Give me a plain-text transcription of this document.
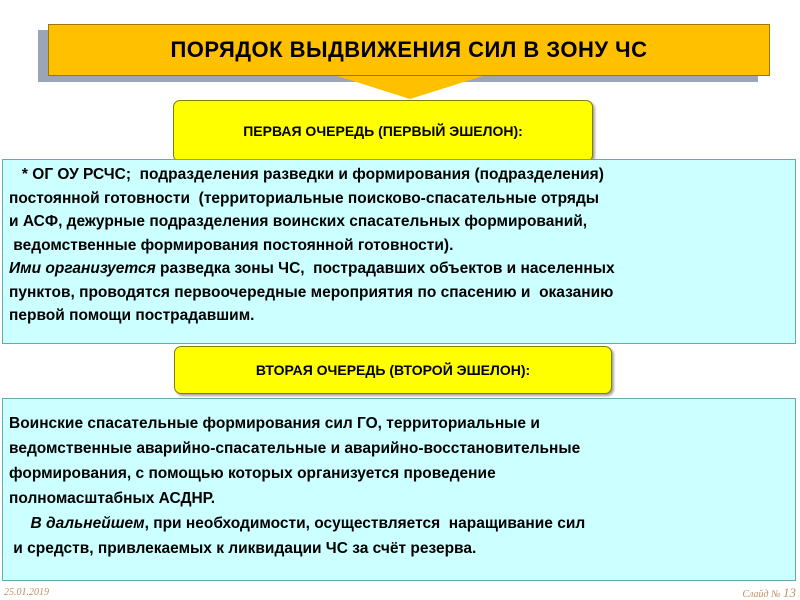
ПОРЯДОК ВЫДВИЖЕНИЯ СИЛ В ЗОНУ ЧС
ПЕРВАЯ ОЧЕРЕДЬ (ПЕРВЫЙ ЭШЕЛОН):
* ОГ ОУ РСЧС;  подразделения разведки и формирования (подразделения)
постоянной готовности  (территориальные поисково-спасательные отряды
и АСФ, дежурные подразделения воинских спасательных формирований,
ведомственные формирования постоянной готовности).
Ими организуется разведка зоны ЧС,  пострадавших объектов и населенных
пунктов, проводятся первоочередные мероприятия по спасению и  оказанию
первой помощи пострадавшим.
ВТОРАЯ ОЧЕРЕДЬ (ВТОРОЙ ЭШЕЛОН):
Воинские спасательные формирования сил ГО, территориальные и
ведомственные аварийно-спасательные и аварийно-восстановительные
формирования, с помощью которых организуется проведение
полномасштабных АСДНР.
В дальнейшем, при необходимости, осуществляется  наращивание сил
и средств, привлекаемых к ликвидации ЧС за счёт резерва.
25.01.2019	Слайд № 13
